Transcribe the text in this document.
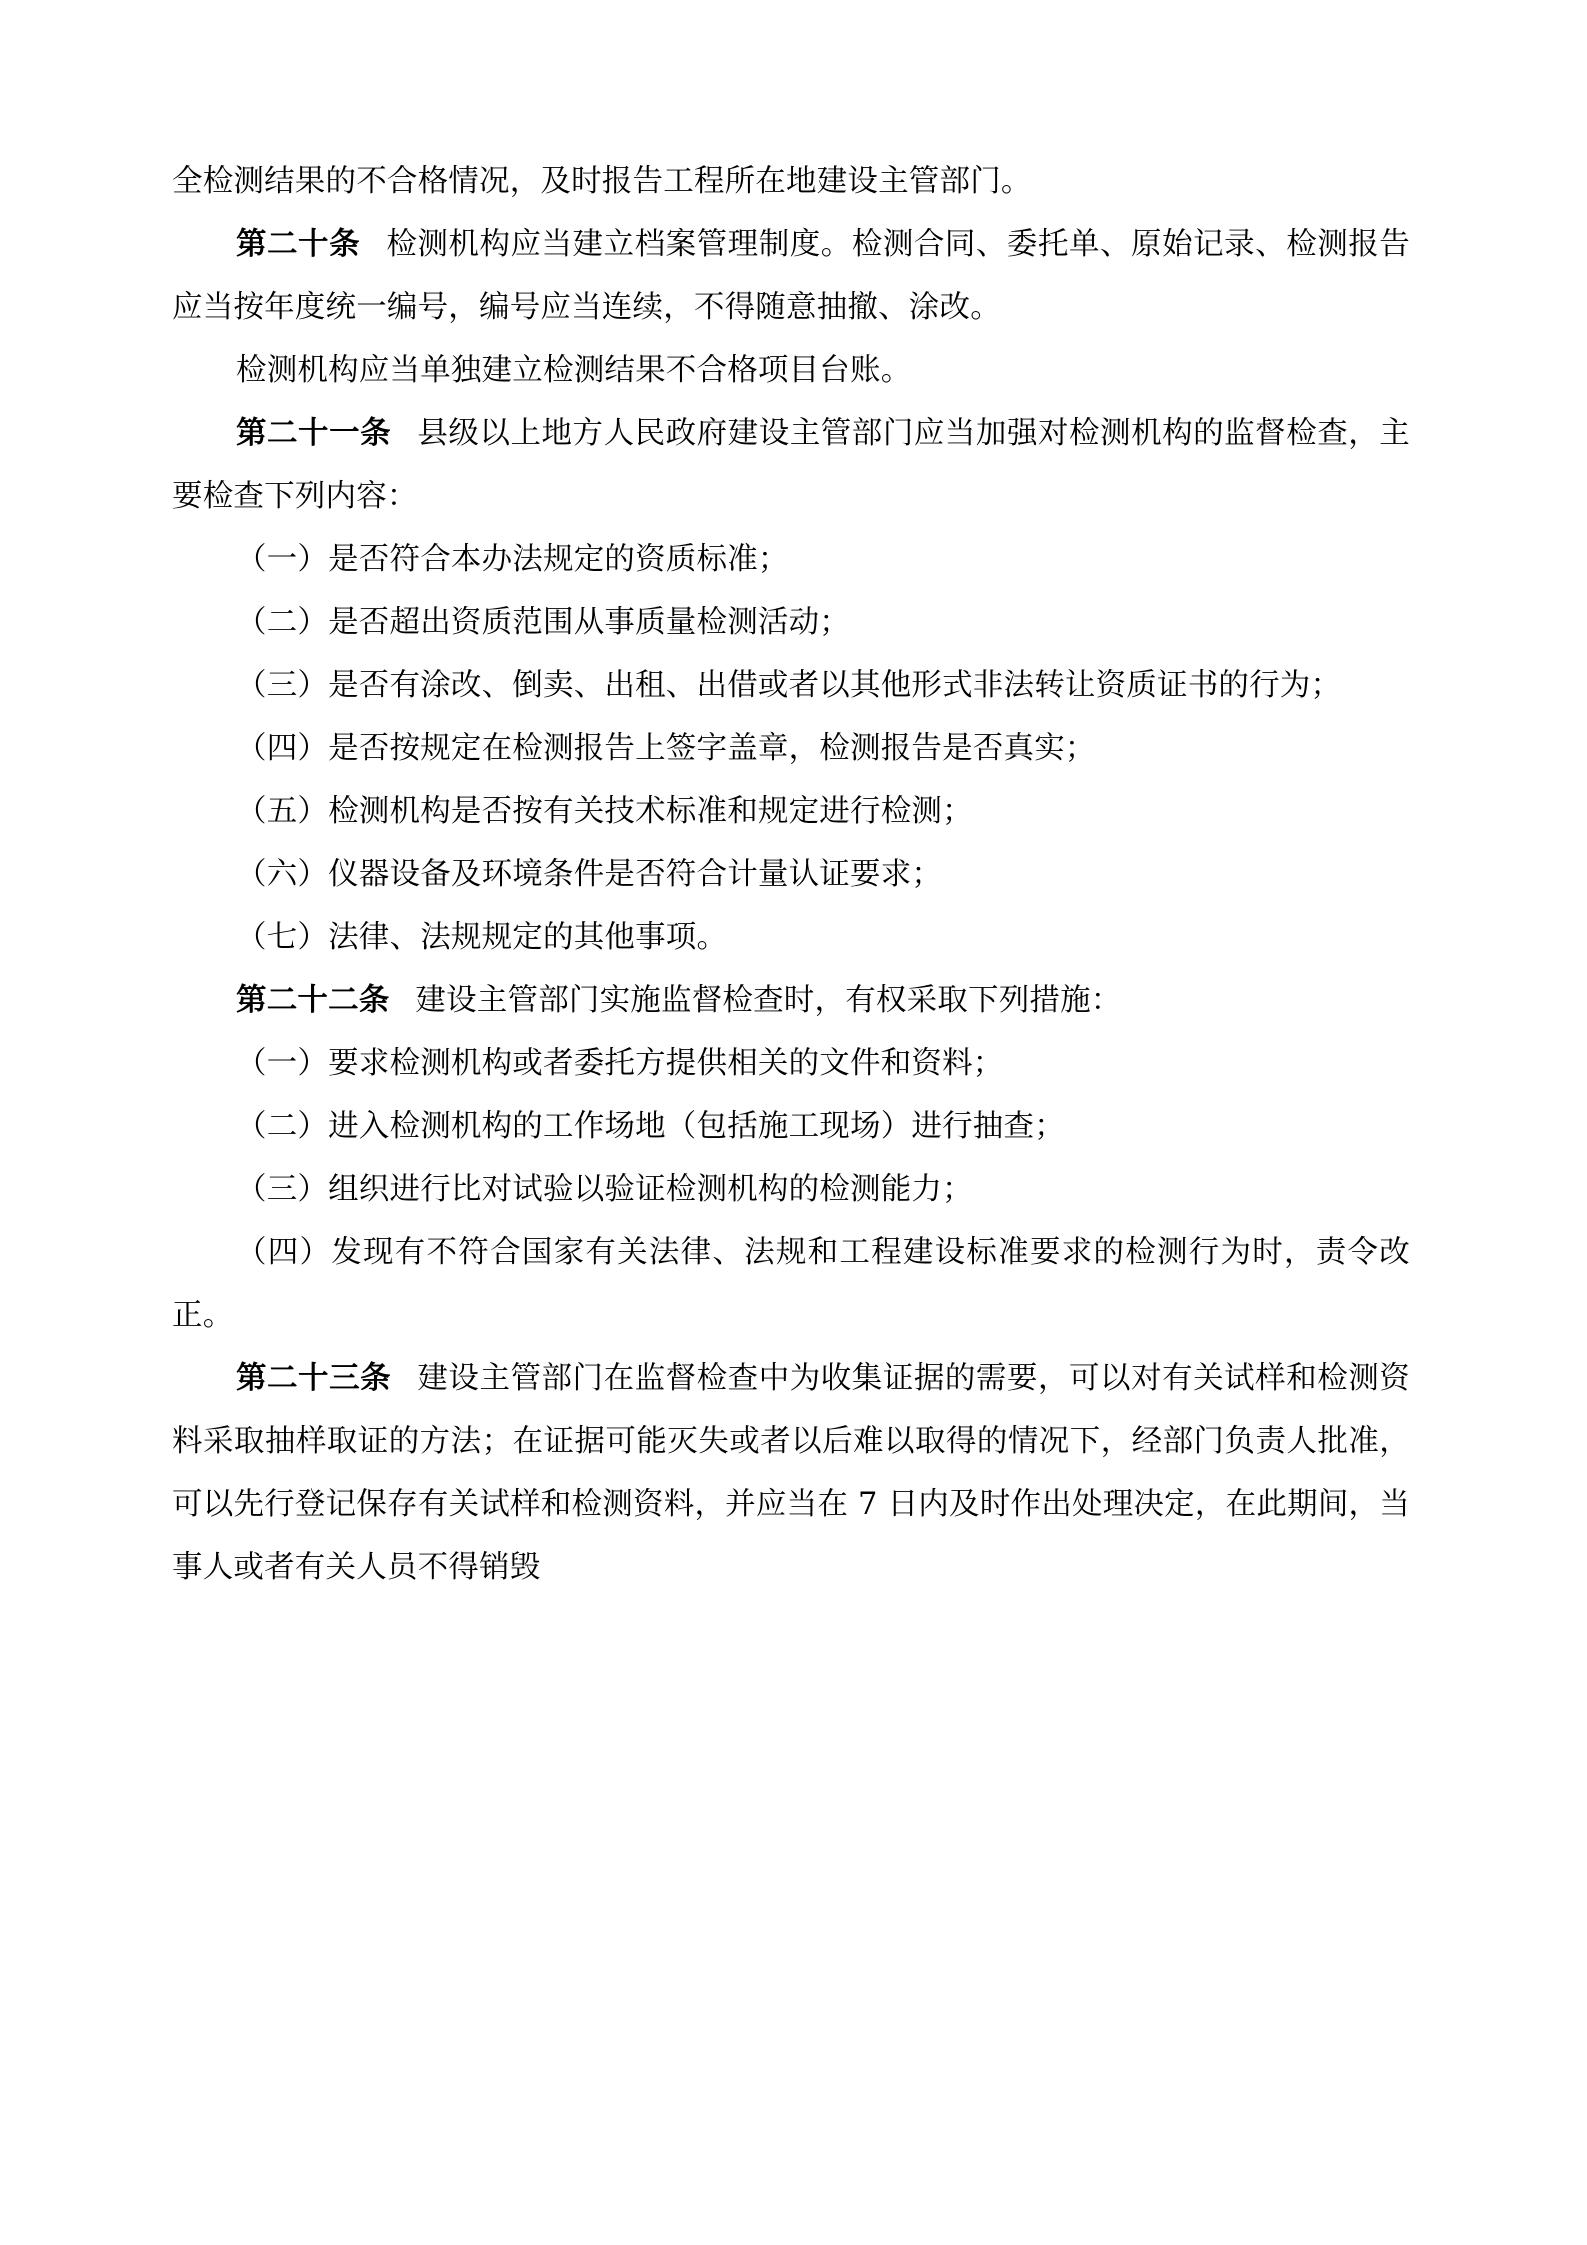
全检测结果的不合格情况，及时报告工程所在地建设主管部门。

第二十条 检测机构应当建立档案管理制度。检测合同、委托单、原始记录、检测报告应当按年度统一编号，编号应当连续，不得随意抽撤、涂改。

检测机构应当单独建立检测结果不合格项目台账。

第二十一条 县级以上地方人民政府建设主管部门应当加强对检测机构的监督检查，主要检查下列内容：

（一）是否符合本办法规定的资质标准；

（二）是否超出资质范围从事质量检测活动；

（三）是否有涂改、倒卖、出租、出借或者以其他形式非法转让资质证书的行为；

（四）是否按规定在检测报告上签字盖章，检测报告是否真实；

（五）检测机构是否按有关技术标准和规定进行检测；

（六）仪器设备及环境条件是否符合计量认证要求；

（七）法律、法规规定的其他事项。

第二十二条 建设主管部门实施监督检查时，有权采取下列措施：

（一）要求检测机构或者委托方提供相关的文件和资料；

（二）进入检测机构的工作场地（包括施工现场）进行抽查；

（三）组织进行比对试验以验证检测机构的检测能力；

（四）发现有不符合国家有关法律、法规和工程建设标准要求的检测行为时，责令改正。

第二十三条 建设主管部门在监督检查中为收集证据的需要，可以对有关试样和检测资料采取抽样取证的方法；在证据可能灭失或者以后难以取得的情况下，经部门负责人批准，可以先行登记保存有关试样和检测资料，并应当在 7 日内及时作出处理决定，在此期间，当事人或者有关人员不得销毁
